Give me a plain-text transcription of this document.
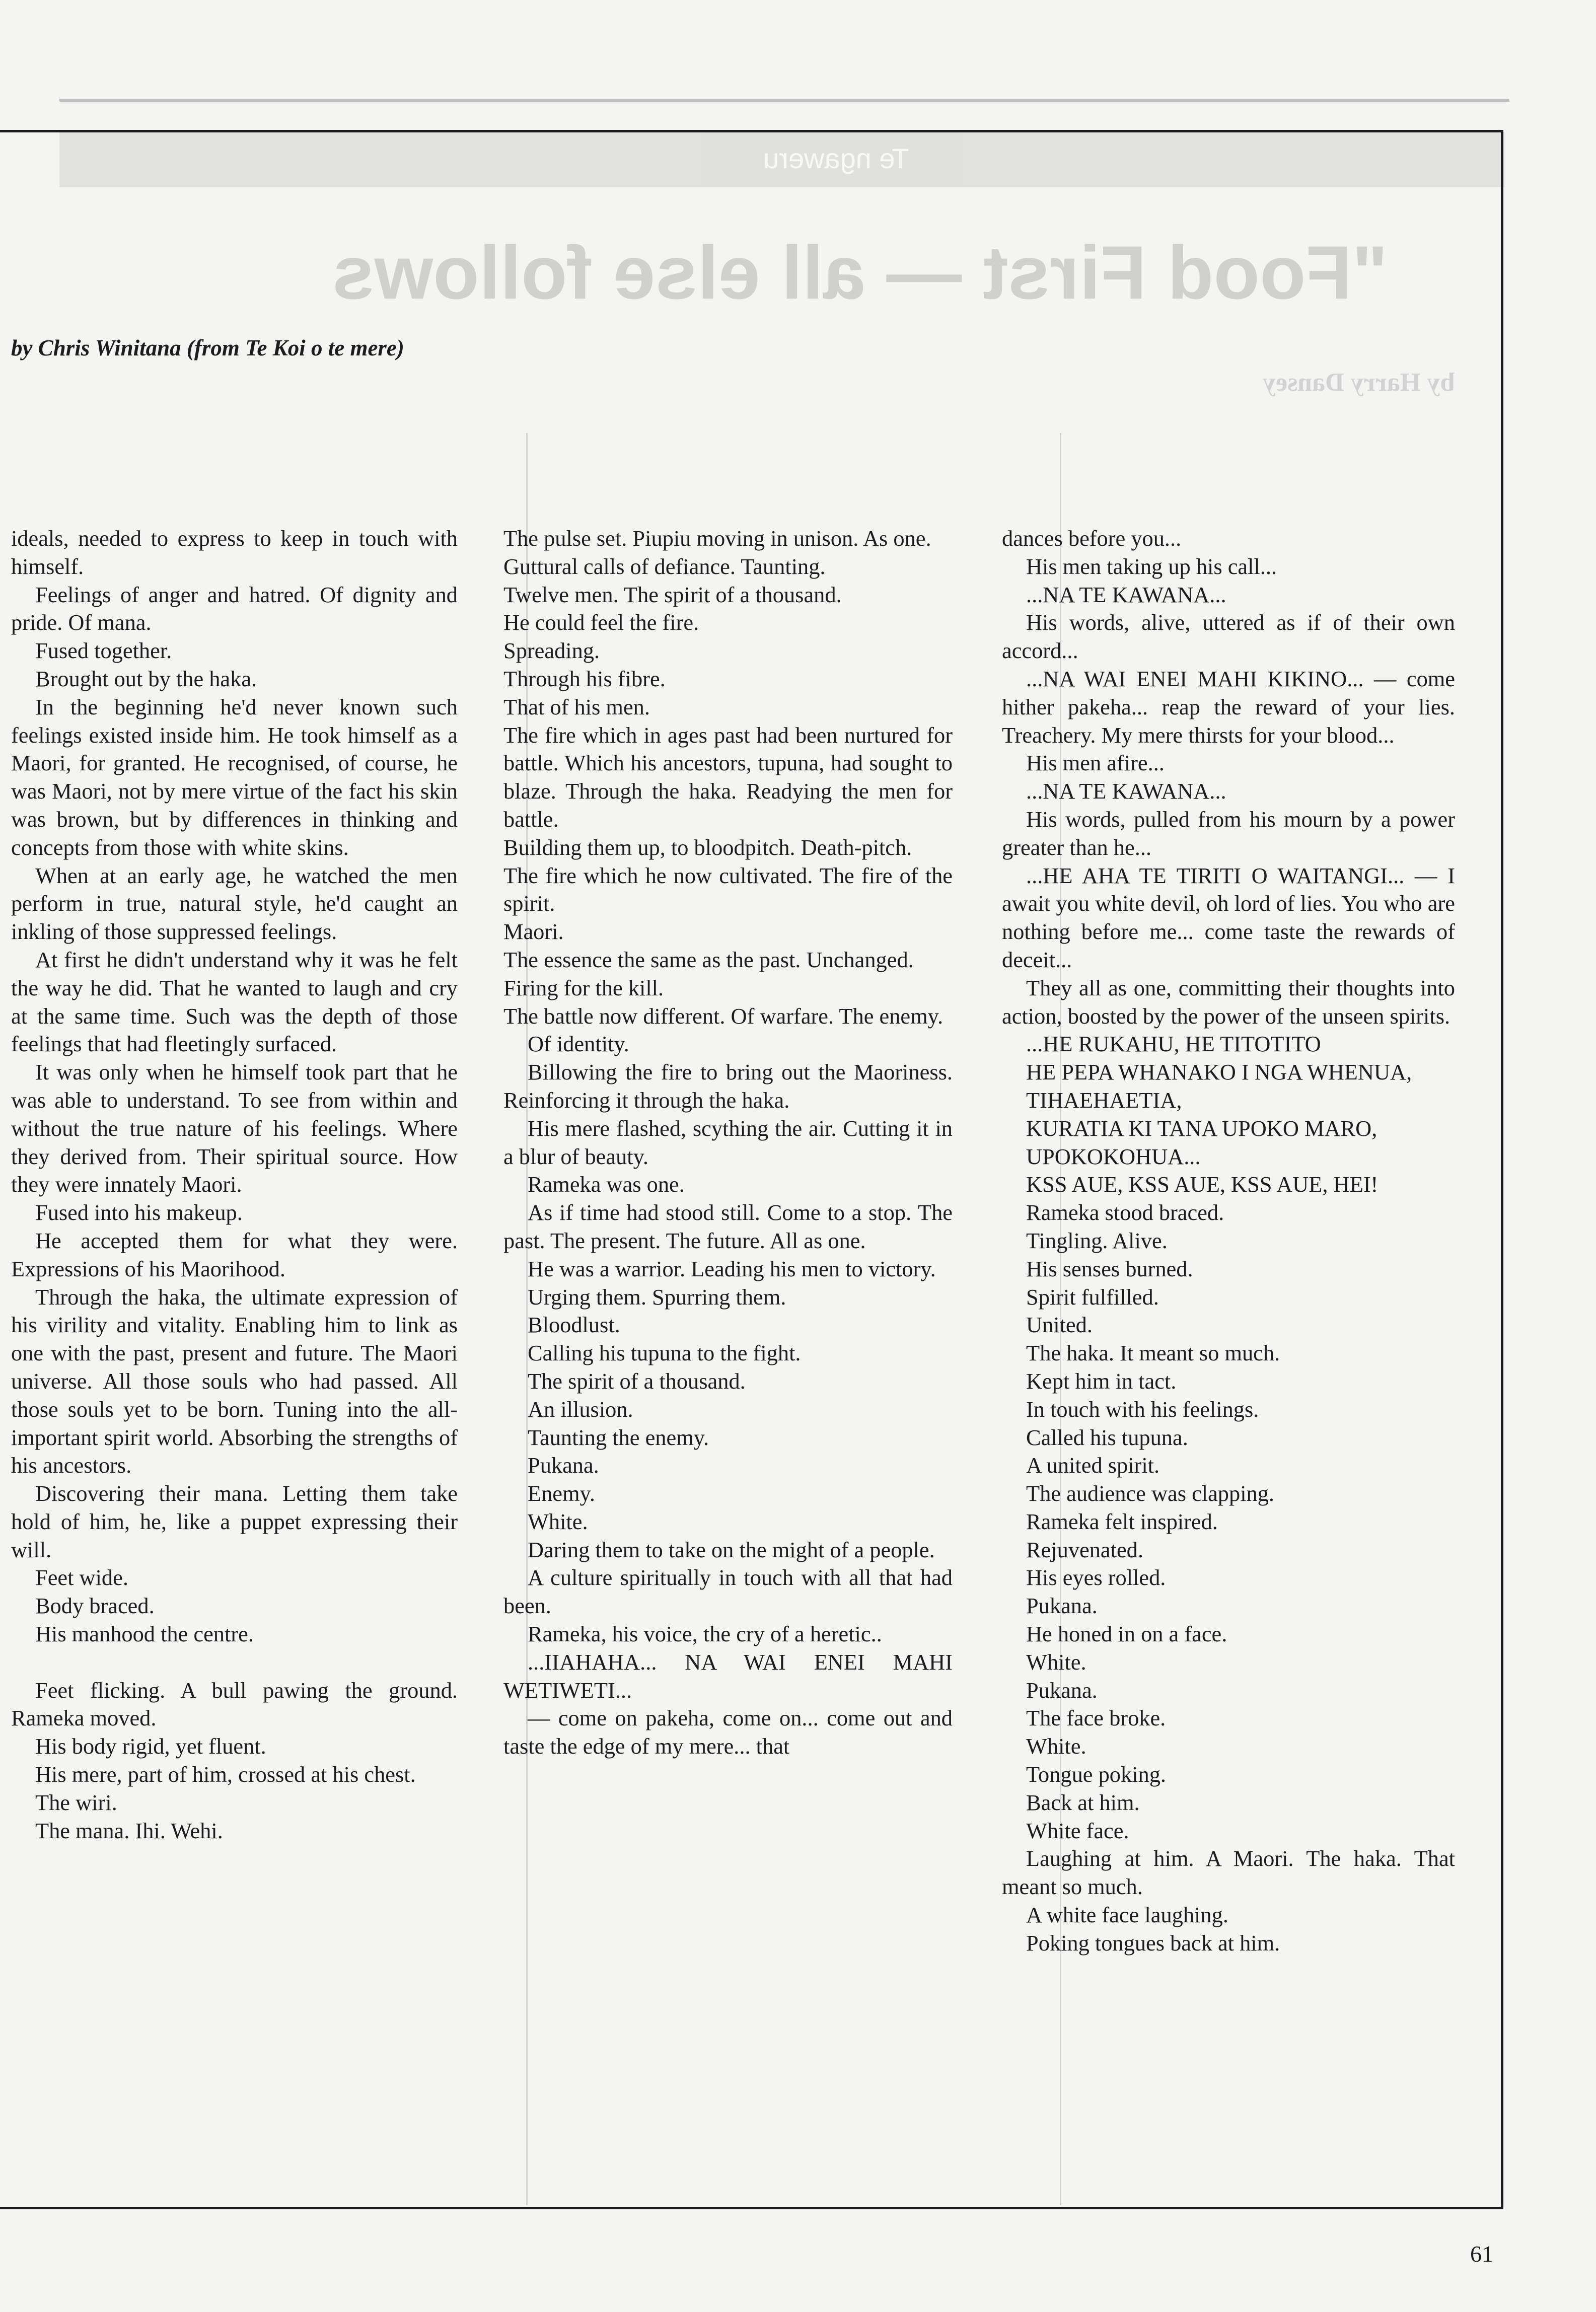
Te ngaweru
"Food First — all else follows
by Harry Dansey
by Chris Winitana (from Te Koi o te mere)

ideals, needed to express to keep in touch with himself.

Feelings of anger and hatred. Of dignity and pride. Of mana.

Fused together.

Brought out by the haka.

In the beginning he'd never known such feelings existed inside him. He took himself as a Maori, for granted. He recognised, of course, he was Maori, not by mere virtue of the fact his skin was brown, but by differences in thinking and concepts from those with white skins.

When at an early age, he watched the men perform in true, natural style, he'd caught an inkling of those suppressed feelings.

At first he didn't understand why it was he felt the way he did. That he wanted to laugh and cry at the same time. Such was the depth of those feelings that had fleetingly surfaced.

It was only when he himself took part that he was able to understand. To see from within and without the true nature of his feelings. Where they derived from. Their spiritual source. How they were innately Maori.

Fused into his makeup.

He accepted them for what they were. Expressions of his Maorihood.

Through the haka, the ultimate expression of his virility and vitality. Enabling him to link as one with the past, present and future. The Maori universe. All those souls who had passed. All those souls yet to be born. Tuning into the all-important spirit world. Absorbing the strengths of his ancestors.

Discovering their mana. Letting them take hold of him, he, like a puppet expressing their will.

Feet wide.

Body braced.

His manhood the centre.

Feet flicking. A bull pawing the ground. Rameka moved.

His body rigid, yet fluent.

His mere, part of him, crossed at his chest.

The wiri.

The mana. Ihi. Wehi.

The pulse set. Piupiu moving in unison. As one.

Guttural calls of defiance. Taunting.

Twelve men. The spirit of a thousand.

He could feel the fire.

Spreading.

Through his fibre.

That of his men.

The fire which in ages past had been nurtured for battle. Which his ancestors, tupuna, had sought to blaze. Through the haka. Readying the men for battle.

Building them up, to bloodpitch. Death-pitch.

The fire which he now cultivated. The fire of the spirit.

Maori.

The essence the same as the past. Unchanged.

Firing for the kill.

The battle now different. Of warfare. The enemy.

Of identity.

Billowing the fire to bring out the Maoriness. Reinforcing it through the haka.

His mere flashed, scything the air. Cutting it in a blur of beauty.

Rameka was one.

As if time had stood still. Come to a stop. The past. The present. The future. All as one.

He was a warrior. Leading his men to victory.

Urging them. Spurring them.

Bloodlust.

Calling his tupuna to the fight.

The spirit of a thousand.

An illusion.

Taunting the enemy.

Pukana.

Enemy.

White.

Daring them to take on the might of a people.

A culture spiritually in touch with all that had been.

Rameka, his voice, the cry of a heretic..

...IIAHAHA... NA WAI ENEI MAHI WETIWETI...

— come on pakeha, come on... come out and taste the edge of my mere... that

dances before you...

His men taking up his call...

...NA TE KAWANA...

His words, alive, uttered as if of their own accord...

...NA WAI ENEI MAHI KIKINO... — come hither pakeha... reap the reward of your lies. Treachery. My mere thirsts for your blood...

His men afire...

...NA TE KAWANA...

His words, pulled from his mourn by a power greater than he...

...HE AHA TE TIRITI O WAITANGI... — I await you white devil, oh lord of lies. You who are nothing before me... come taste the rewards of deceit...

They all as one, committing their thoughts into action, boosted by the power of the unseen spirits.

...HE RUKAHU, HE TITOTITO

HE PEPA WHANAKO I NGA WHENUA,

TIHAEHAETIA,

KURATIA KI TANA UPOKO MARO,

UPOKOKOHUA...

KSS AUE, KSS AUE, KSS AUE, HEI!

Rameka stood braced.

Tingling. Alive.

His senses burned.

Spirit fulfilled.

United.

The haka. It meant so much.

Kept him in tact.

In touch with his feelings.

Called his tupuna.

A united spirit.

The audience was clapping.

Rameka felt inspired.

Rejuvenated.

His eyes rolled.

Pukana.

He honed in on a face.

White.

Pukana.

The face broke.

White.

Tongue poking.

Back at him.

White face.

Laughing at him. A Maori. The haka. That meant so much.

A white face laughing.

Poking tongues back at him.

61
